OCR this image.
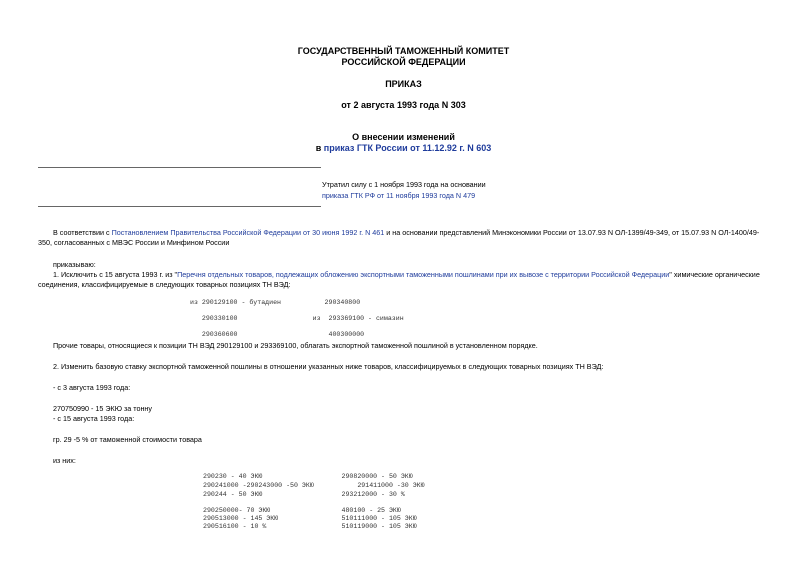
ГОСУДАРСТВЕННЫЙ ТАМОЖЕННЫЙ КОМИТЕТ
РОССИЙСКОЙ ФЕДЕРАЦИИ
ПРИКАЗ
от 2 августа 1993 года N 303
О внесении изменений
в приказ ГТК России от 11.12.92 г. N 603
Утратил силу с 1 ноября 1993 года на основании
приказа ГТК РФ от 11 ноября 1993 года N 479
В соответствии с Постановлением Правительства Российской Федерации от 30 июня 1992 г. N 461 и на основании представлений Минэкономики России от 13.07.93 N ОЛ-1399/49-349, от 15.07.93 N ОЛ-1400/49-
350, согласованных с МВЭС России и Минфином России
приказываю:
1. Исключить с 15 августа 1993 г. из "Перечня отдельных товаров, подлежащих обложению экспортными таможенными пошлинами при их вывозе с территории Российской Федерации" химические органические
соединения, классифицируемые в следующих товарных позициях ТН ВЭД:
из 290129100 - бутадиен           290340800
290330100                   из  293369100 - симазин
290360600                       400300000
Прочие товары, относящиеся к позиции ТН ВЭД 290129100 и 293369100, облагать экспортной таможенной пошлиной в установленном порядке.
2. Изменить базовую ставку экспортной таможенной пошлины в отношении указанных ниже товаров, классифицируемых в следующих товарных позициях ТН ВЭД:
- с 3 августа 1993 года:
270750990 - 15 ЭКЮ за тонну
- с 15 августа 1993 года:
гр. 29 -5 % от таможенной стоимости товара
из них:
290230 - 40 ЭКЮ                    290820000 - 50 ЭКЮ
290241000 -290243000 -50 ЭКЮ           291411000 -30 ЭКЮ
290244 - 50 ЭКЮ                    293212000 - 30 %
290250000- 70 ЭКЮ                  480100 - 25 ЭКЮ
290513000 - 145 ЭКЮ                510111000 - 105 ЭКЮ
290516100 - 10 %                   510119000 - 105 ЭКЮ
